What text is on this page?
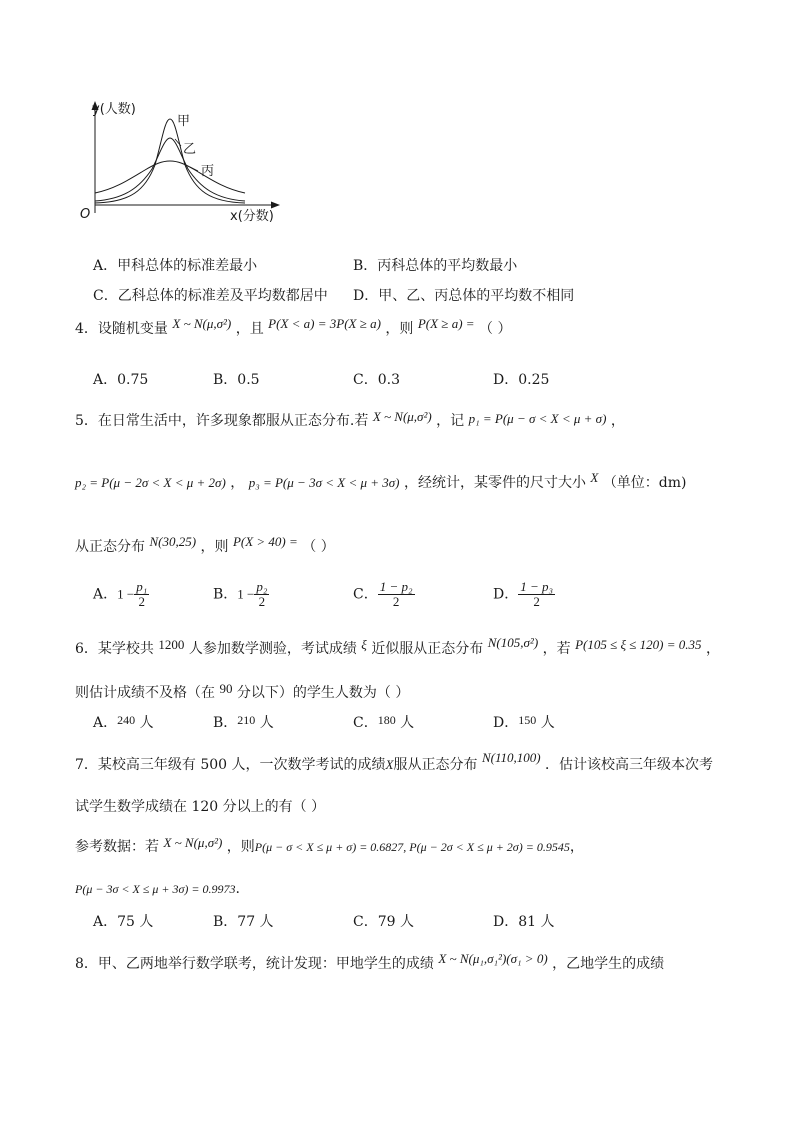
y(人数)
甲
乙
丙
O	x(分数)
A．甲科总体的标准差最小	B．丙科总体的平均数最小
C．乙科总体的标准差及平均数都居中 D．甲、乙、丙总体的平均数不相同
4．设随机变量 X ~ N(μ,σ²) ，且 P(X < a) = 3P(X ≥ a) ，则 P(X ≥ a) = （ ）
A．0.75	B．0.5	C．0.3	D．0.25
5．在日常生活中，许多现象都服从正态分布.若 X ~ N(μ,σ²) ，记 p₁ = P(μ − σ < X < μ + σ) ，
p₂ = P(μ − 2σ < X < μ + 2σ) ， p₃ = P(μ − 3σ < X < μ + 3σ) ，经统计，某零件的尺寸大小 X （单位：dm)
从正态分布 N(30,25) ，则 P(X > 40) = （ ）
A．$1 - \frac{\text{p₁}}{2}$	B．$1 - \frac{\text{p₂}}{2}$	C． $\frac{\text{1 − p₂}}{2}$	D． $\frac{\text{1 − p₃}}{2}$
6．某学校共 1200 人参加数学测验，考试成绩 ξ 近似服从正态分布 N(105,σ²) ，若 P(105 ≤ ξ ≤ 120) = 0.35 ，
则估计成绩不及格（在 90 分以下）的学生人数为（ ）
A．240 人	B．210 人	C．180 人	D．150 人
7．某校高三年级有 500 人，一次数学考试的成绩X服从正态分布 N(110,100) ．估计该校高三年级本次考
试学生数学成绩在 120 分以上的有（ ）
参考数据：若 X ~ N(μ,σ²) ，则P(μ − σ < X ≤ μ + σ) = 0.6827, P(μ − 2σ < X ≤ μ + 2σ) = 0.9545，
P(μ − 3σ < X ≤ μ + 3σ) = 0.9973.
A．75 人	B．77 人	C．79 人	D．81 人
8．甲、乙两地举行数学联考，统计发现：甲地学生的成绩 X ~ N(μ₁,σ₁²)(σ₁ > 0) ，乙地学生的成绩
